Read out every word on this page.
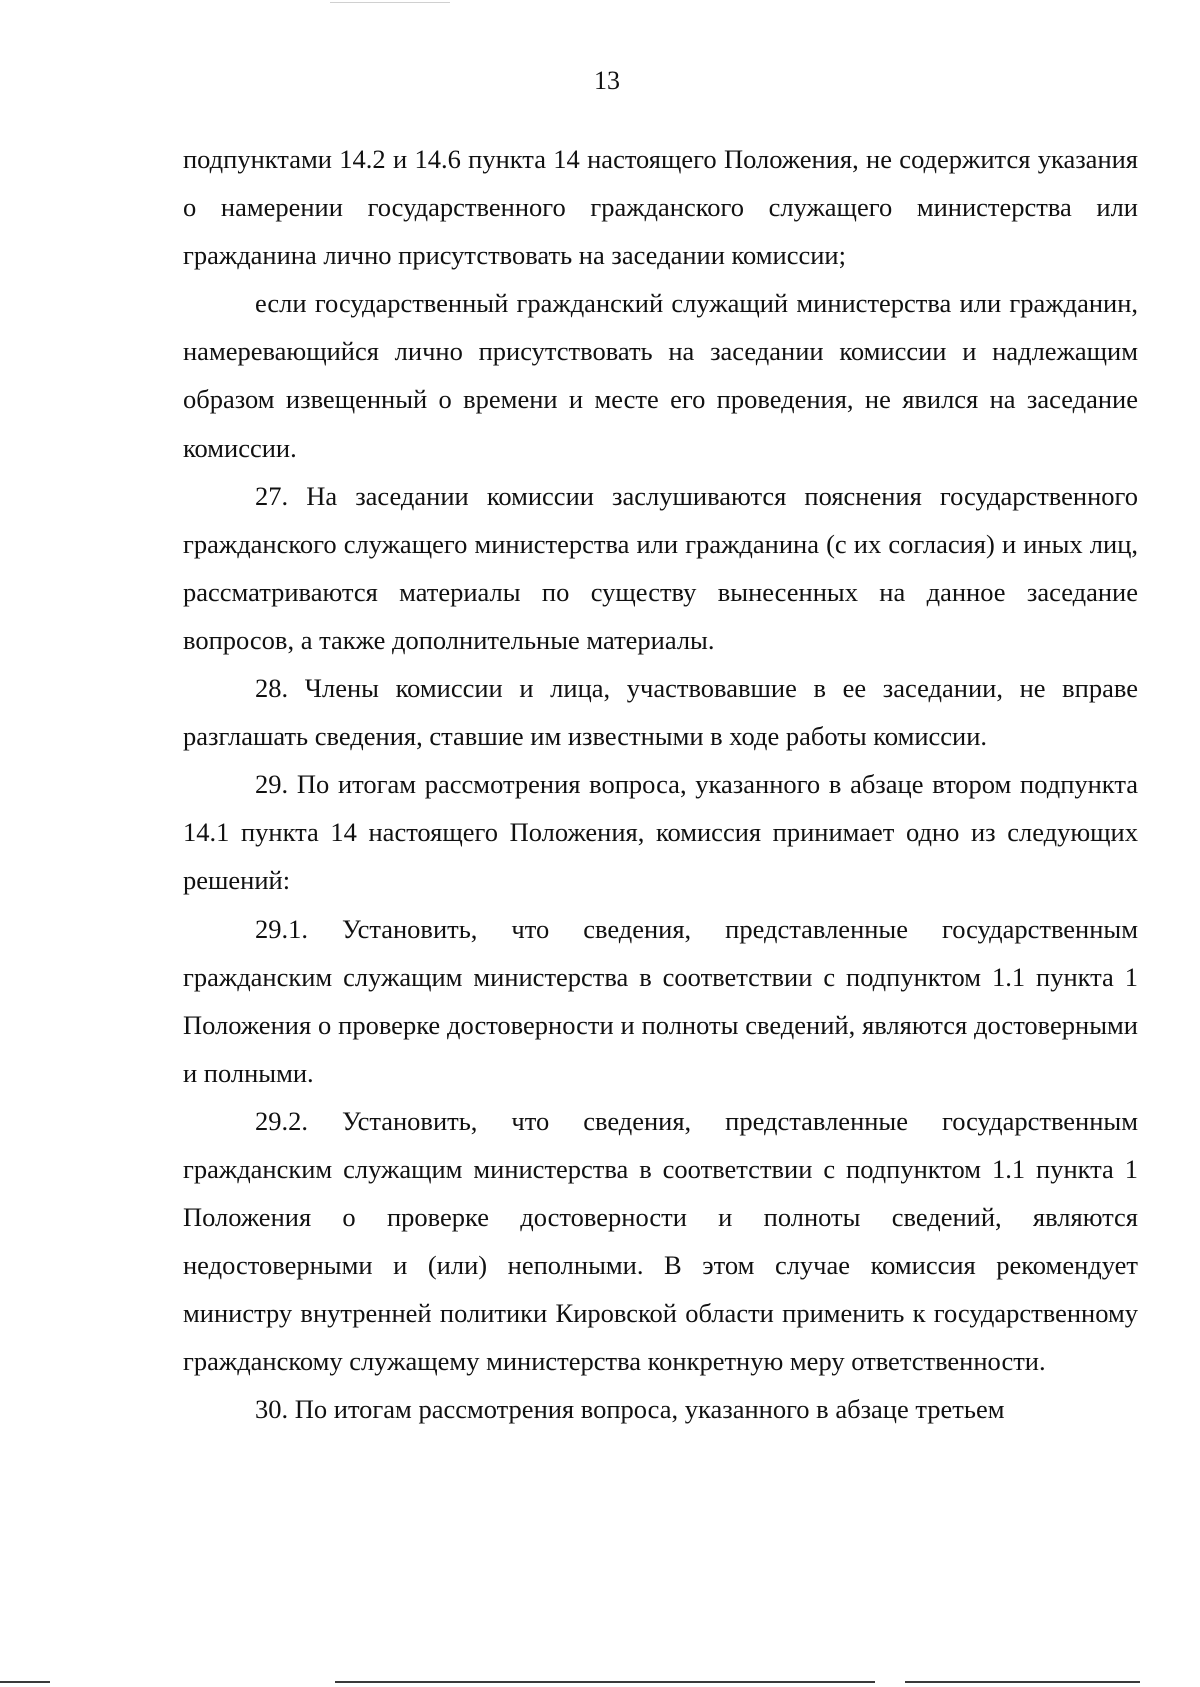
13

подпунктами 14.2 и 14.6 пункта 14 настоящего Положения, не содержится указания о намерении государственного гражданского служащего министерства или гражданина лично присутствовать на заседании комиссии;

если государственный гражданский служащий министерства или гражданин, намеревающийся лично присутствовать на заседании комиссии и надлежащим образом извещенный о времени и месте его проведения, не явился на заседание комиссии.

27. На заседании комиссии заслушиваются пояснения государственного гражданского служащего министерства или гражданина (с их согласия) и иных лиц, рассматриваются материалы по существу вынесенных на данное заседание вопросов, а также дополнительные материалы.

28. Члены комиссии и лица, участвовавшие в ее заседании, не вправе разглашать сведения, ставшие им известными в ходе работы комиссии.

29. По итогам рассмотрения вопроса, указанного в абзаце втором подпункта 14.1 пункта 14 настоящего Положения, комиссия принимает одно из следующих решений:

29.1. Установить, что сведения, представленные государственным гражданским служащим министерства в соответствии с подпунктом 1.1 пункта 1 Положения о проверке достоверности и полноты сведений, являются достоверными и полными.

29.2. Установить, что сведения, представленные государственным гражданским служащим министерства в соответствии с подпунктом 1.1 пункта 1 Положения о проверке достоверности и полноты сведений, являются недостоверными и (или) неполными. В этом случае комиссия рекомендует министру внутренней политики Кировской области применить к государственному гражданскому служащему министерства конкретную меру ответственности.

30. По итогам рассмотрения вопроса, указанного в абзаце третьем
